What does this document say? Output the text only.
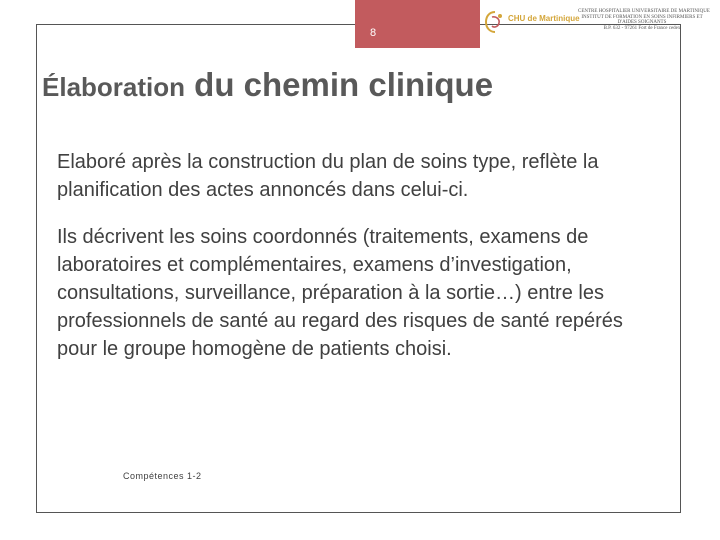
8
CHU de Martinique
CENTRE HOSPITALIER UNIVERSITAIRE DE MARTINIQUE
INSTITUT DE FORMATION EN SOINS INFIRMIERS ET
D'AIDES SOIGNANTS
B.P. 632 - 97261 Fort de France cedex
Élaboration du chemin clinique

Elaboré après la construction du plan de soins type, reflète la planification des actes annoncés dans celui-ci.

Ils décrivent les soins coordonnés (traitements, examens de laboratoires et complémentaires, examens d’investigation, consultations, surveillance, préparation à la sortie…) entre les professionnels de santé au regard des risques de santé repérés pour le groupe homogène de patients choisi.

Compétences 1-2
